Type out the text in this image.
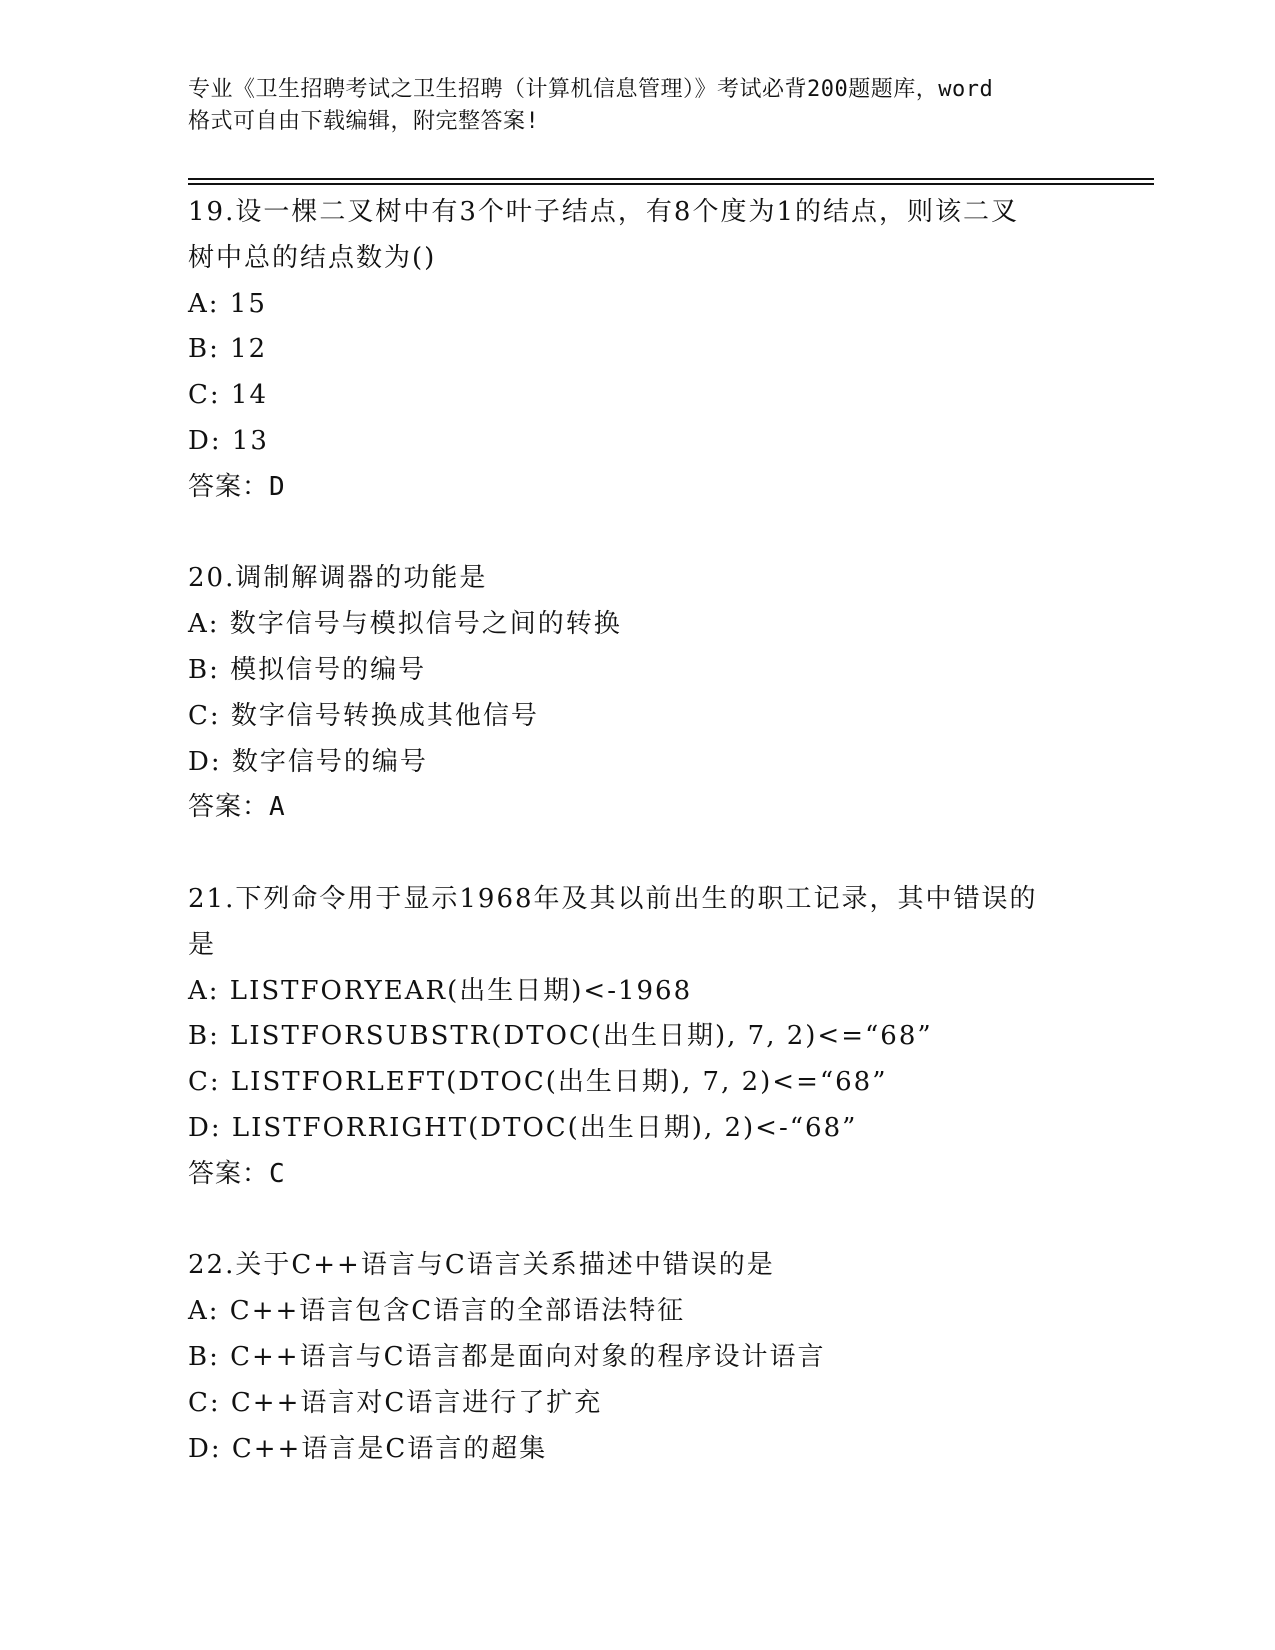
专业《卫生招聘考试之卫生招聘（计算机信息管理）》考试必背200题题库，word
格式可自由下载编辑，附完整答案!
19.设一棵二叉树中有3个叶子结点，有8个度为1的结点，则该二叉
树中总的结点数为()
A: 15
B: 12
C: 14
D: 13
答案：D
20.调制解调器的功能是
A: 数字信号与模拟信号之间的转换
B: 模拟信号的编号
C: 数字信号转换成其他信号
D: 数字信号的编号
答案：A
21.下列命令用于显示1968年及其以前出生的职工记录，其中错误的
是
A: LISTFORYEAR(出生日期)<-1968
B: LISTFORSUBSTR(DTOC(出生日期), 7, 2)<=“68”
C: LISTFORLEFT(DTOC(出生日期), 7, 2)<=“68”
D: LISTFORRIGHT(DTOC(出生日期), 2)<-“68”
答案：C
22.关于C++语言与C语言关系描述中错误的是
A: C++语言包含C语言的全部语法特征
B: C++语言与C语言都是面向对象的程序设计语言
C: C++语言对C语言进行了扩充
D: C++语言是C语言的超集
